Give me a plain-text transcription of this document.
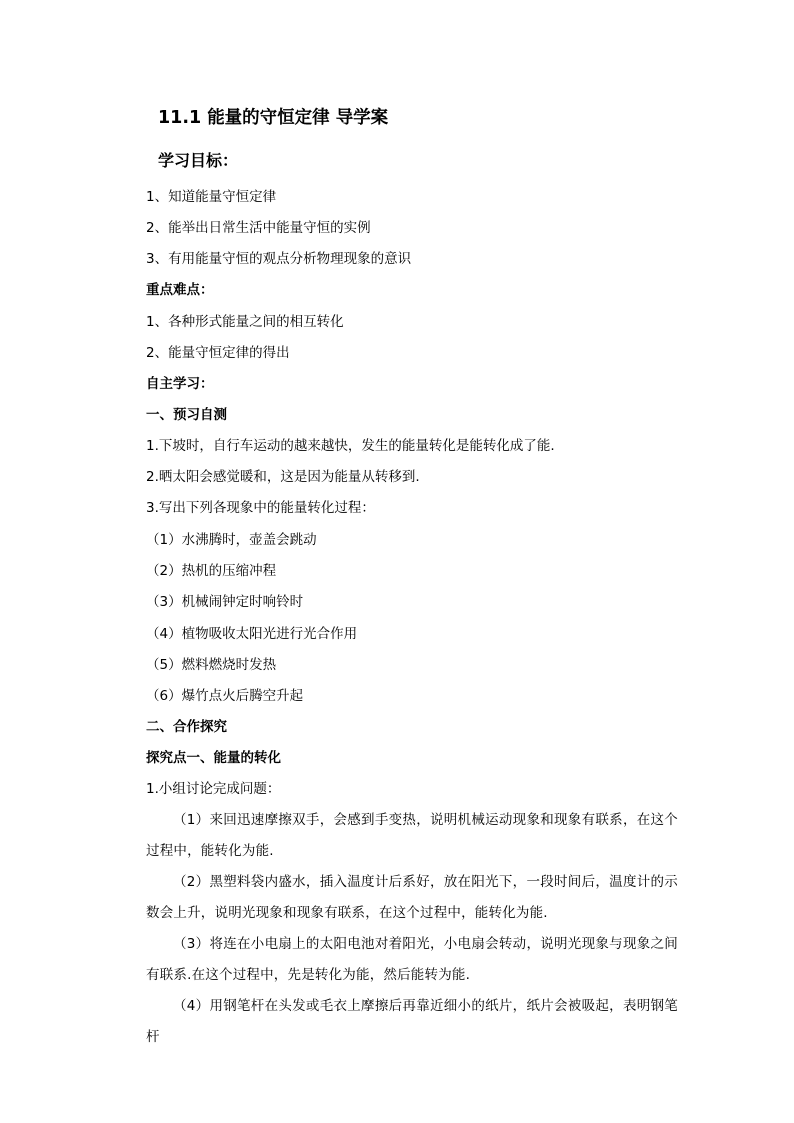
11.1 能量的守恒定律 导学案
学习目标：
1、知道能量守恒定律
2、能举出日常生活中能量守恒的实例
3、有用能量守恒的观点分析物理现象的意识
重点难点：
1、各种形式能量之间的相互转化
2、能量守恒定律的得出
自主学习：
一、预习自测
1.下坡时，自行车运动的越来越快，发生的能量转化是能转化成了能.
2.晒太阳会感觉暖和，这是因为能量从转移到.
3.写出下列各现象中的能量转化过程：
（1）水沸腾时，壶盖会跳动
（2）热机的压缩冲程
（3）机械闹钟定时响铃时
（4）植物吸收太阳光进行光合作用
（5）燃料燃烧时发热
（6）爆竹点火后腾空升起
二、合作探究
探究点一、能量的转化
1.小组讨论完成问题：
（1）来回迅速摩擦双手，会感到手变热，说明机械运动现象和现象有联系，在这个过程中，能转化为能.
（2）黑塑料袋内盛水，插入温度计后系好，放在阳光下，一段时间后，温度计的示数会上升，说明光现象和现象有联系，在这个过程中，能转化为能.
（3）将连在小电扇上的太阳电池对着阳光，小电扇会转动，说明光现象与现象之间有联系.在这个过程中，先是转化为能，然后能转为能.
（4）用钢笔杆在头发或毛衣上摩擦后再靠近细小的纸片，纸片会被吸起，表明钢笔杆
